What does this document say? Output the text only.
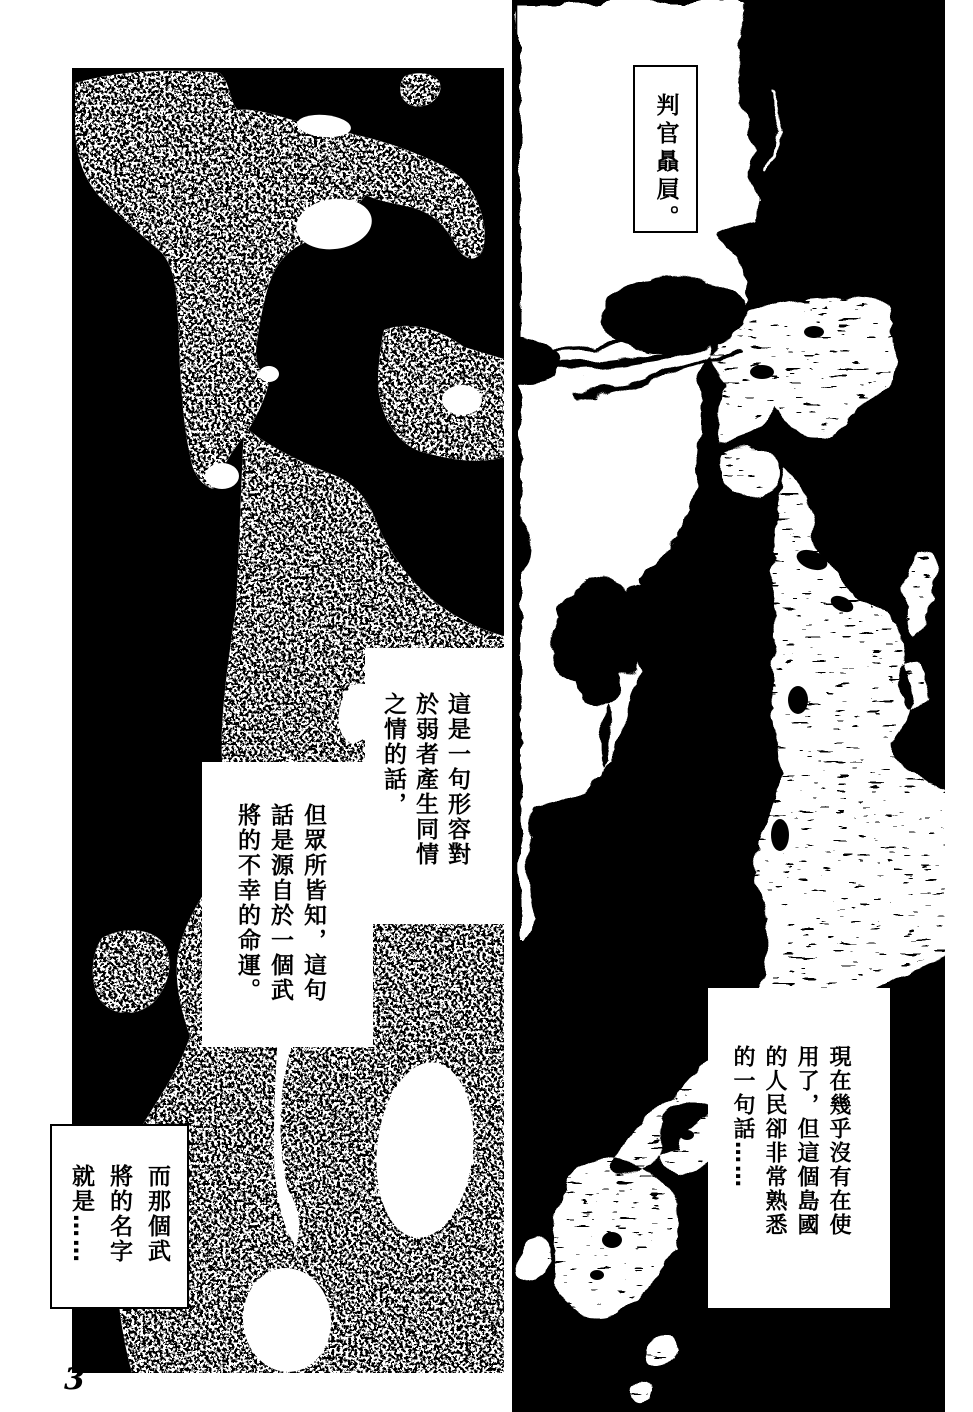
判官贔屓。
這是一句形容對
於弱者產生同情
之情的話，
但眾所皆知，這句
話是源自於一個武
將的不幸的命運。
而那個武
將的名字
就是……	現在幾乎沒有在使
用了，但這個島國
的人民卻非常熟悉
的一句話……
3
